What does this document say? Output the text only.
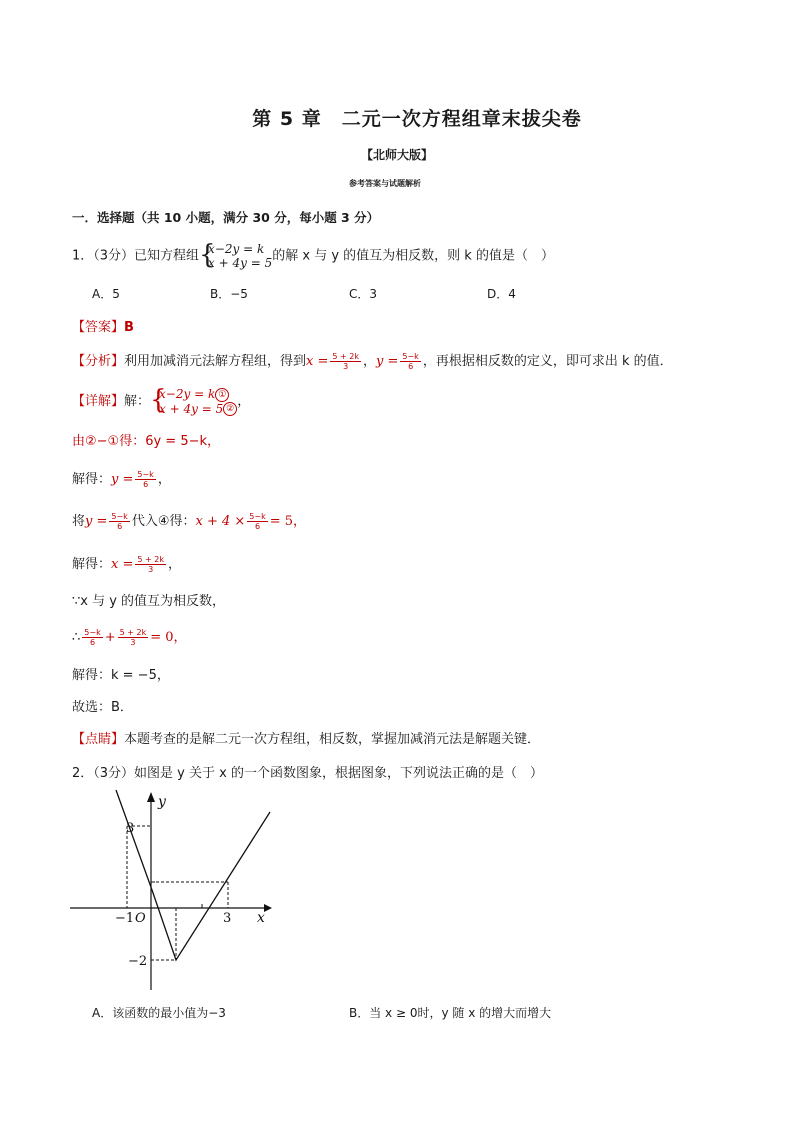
第 5 章　二元一次方程组章末拔尖卷
【北师大版】
参考答案与试题解析
一．选择题（共 10 小题，满分 30 分，每小题 3 分）
1．（3分）已知方程组 {
x−2y = k
x + 4y = 5 的解 x 与 y 的值互为相反数，则 k 的值是（　）
A．5	B．−5	C．3	D．4
【答案】B
【分析】利用加减消元法解方程组，得到$x = \frac{5 + 2k}{3}$ ，$y = \frac{5-k}{6}$ ，再根据相反数的定义，即可求出 k 的值．
【详解】解： {
x−2y = k ①
x + 4y = 5 ② ，
由②−①得：6y = 5−k，
解得：$y = \frac{5-k}{6}$ ，
将$y = \frac{5-k}{6}$ 代入④得：$x + 4 \times \frac{5-k}{6} = 5$，
解得：$x = \frac{5 + 2k}{3}$ ，
∵x 与 y 的值互为相反数，
∴ $\frac{5-k}{6} + \frac{5 + 2k}{3} = 0$，
解得：k = −5，
故选：B．
【点睛】本题考查的是解二元一次方程组，相反数，掌握加减消元法是解题关键．
2．（3分）如图是 y 关于 x 的一个函数图象，根据图象，下列说法正确的是（　）
y
x
O
3
−2
−1	3
A．该函数的最小值为−3	B．当 x ≥ 0时，y 随 x 的增大而增大
